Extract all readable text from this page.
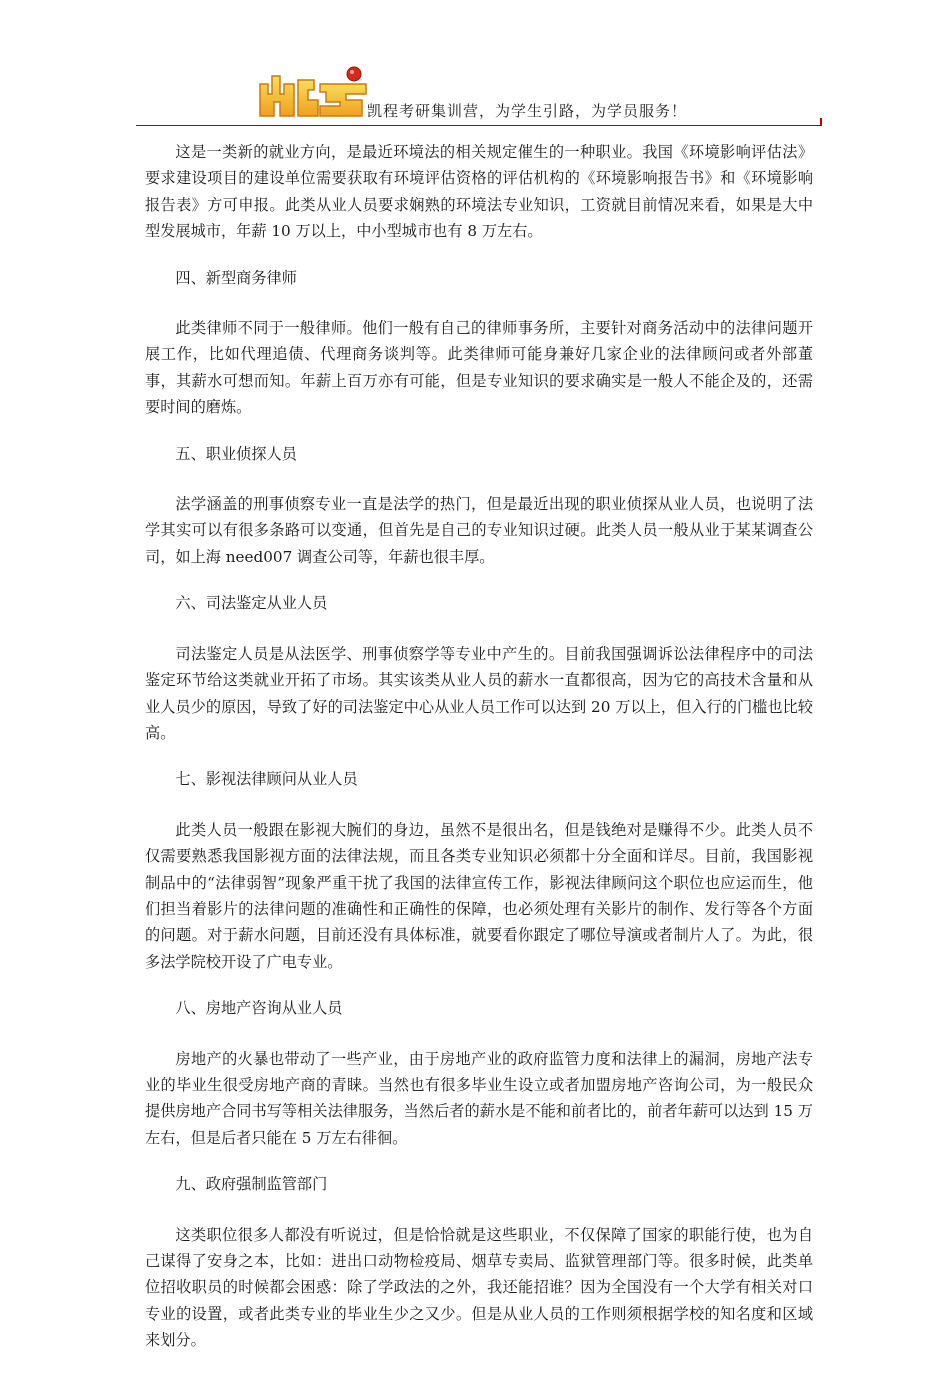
凯程考研集训营，为学生引路，为学员服务！

这是一类新的就业方向，是最近环境法的相关规定催生的一种职业。我国《环境影响评估法》要求建设项目的建设单位需要获取有环境评估资格的评估机构的《环境影响报告书》和《环境影响报告表》方可申报。此类从业人员要求娴熟的环境法专业知识，工资就目前情况来看，如果是大中型发展城市，年薪 10 万以上，中小型城市也有 8 万左右。

四、新型商务律师

此类律师不同于一般律师。他们一般有自己的律师事务所，主要针对商务活动中的法律问题开展工作，比如代理追债、代理商务谈判等。此类律师可能身兼好几家企业的法律顾问或者外部董事，其薪水可想而知。年薪上百万亦有可能，但是专业知识的要求确实是一般人不能企及的，还需要时间的磨炼。

五、职业侦探人员

法学涵盖的刑事侦察专业一直是法学的热门，但是最近出现的职业侦探从业人员，也说明了法学其实可以有很多条路可以变通，但首先是自己的专业知识过硬。此类人员一般从业于某某调查公司，如上海 need007 调查公司等，年薪也很丰厚。

六、司法鉴定从业人员

司法鉴定人员是从法医学、刑事侦察学等专业中产生的。目前我国强调诉讼法律程序中的司法鉴定环节给这类就业开拓了市场。其实该类从业人员的薪水一直都很高，因为它的高技术含量和从业人员少的原因，导致了好的司法鉴定中心从业人员工作可以达到 20 万以上，但入行的门槛也比较高。

七、影视法律顾问从业人员

此类人员一般跟在影视大腕们的身边，虽然不是很出名，但是钱绝对是赚得不少。此类人员不仅需要熟悉我国影视方面的法律法规，而且各类专业知识必须都十分全面和详尽。目前，我国影视制品中的“法律弱智”现象严重干扰了我国的法律宣传工作，影视法律顾问这个职位也应运而生，他们担当着影片的法律问题的准确性和正确性的保障，也必须处理有关影片的制作、发行等各个方面的问题。对于薪水问题，目前还没有具体标准，就要看你跟定了哪位导演或者制片人了。为此，很多法学院校开设了广电专业。

八、房地产咨询从业人员

房地产的火暴也带动了一些产业，由于房地产业的政府监管力度和法律上的漏洞，房地产法专业的毕业生很受房地产商的青睐。当然也有很多毕业生设立或者加盟房地产咨询公司，为一般民众提供房地产合同书写等相关法律服务，当然后者的薪水是不能和前者比的，前者年薪可以达到 15 万左右，但是后者只能在 5 万左右徘徊。

九、政府强制监管部门

这类职位很多人都没有听说过，但是恰恰就是这些职业，不仅保障了国家的职能行使，也为自己谋得了安身之本，比如：进出口动物检疫局、烟草专卖局、监狱管理部门等。很多时候，此类单位招收职员的时候都会困惑：除了学政法的之外，我还能招谁？因为全国没有一个大学有相关对口专业的设置，或者此类专业的毕业生少之又少。但是从业人员的工作则须根据学校的知名度和区域来划分。
